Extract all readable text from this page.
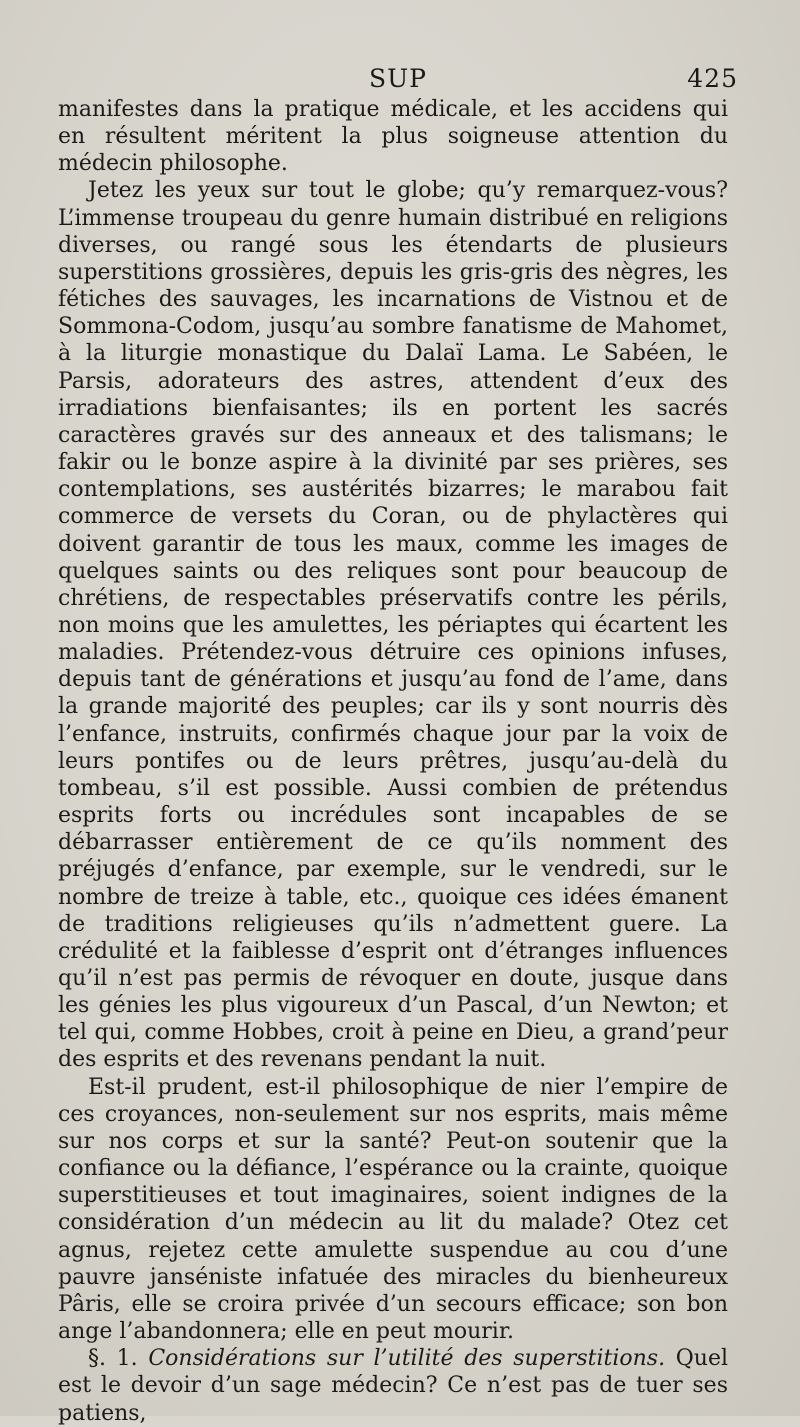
SUP	425

manifestes dans la pratique médicale, et les accidens qui en résultent méritent la plus soigneuse attention du médecin philosophe.

Jetez les yeux sur tout le globe; qu’y remarquez-vous? L’immense troupeau du genre humain distribué en religions diverses, ou rangé sous les étendarts de plusieurs superstitions grossières, depuis les gris-gris des nègres, les fétiches des sauvages, les incarnations de Vistnou et de Sommona-Codom, jusqu’au sombre fanatisme de Mahomet, à la liturgie monastique du Dalaï Lama. Le Sabéen, le Parsis, adorateurs des astres, attendent d’eux des irradiations bienfaisantes; ils en portent les sacrés caractères gravés sur des anneaux et des talismans; le fakir ou le bonze aspire à la divinité par ses prières, ses contemplations, ses austérités bizarres; le marabou fait commerce de versets du Coran, ou de phylactères qui doivent garantir de tous les maux, comme les images de quelques saints ou des reliques sont pour beaucoup de chrétiens, de respectables préservatifs contre les périls, non moins que les amulettes, les périaptes qui écartent les maladies. Prétendez-vous détruire ces opinions infuses, depuis tant de générations et jusqu’au fond de l’ame, dans la grande majorité des peuples; car ils y sont nourris dès l’enfance, instruits, confirmés chaque jour par la voix de leurs pontifes ou de leurs prêtres, jusqu’au-delà du tombeau, s’il est possible. Aussi combien de prétendus esprits forts ou incrédules sont incapables de se débarrasser entièrement de ce qu’ils nomment des préjugés d’enfance, par exemple, sur le vendredi, sur le nombre de treize à table, etc., quoique ces idées émanent de traditions religieuses qu’ils n’admettent guere. La crédulité et la faiblesse d’esprit ont d’étranges influences qu’il n’est pas permis de révoquer en doute, jusque dans les génies les plus vigoureux d’un Pascal, d’un Newton; et tel qui, comme Hobbes, croit à peine en Dieu, a grand’peur des esprits et des revenans pendant la nuit.

Est-il prudent, est-il philosophique de nier l’empire de ces croyances, non-seulement sur nos esprits, mais même sur nos corps et sur la santé? Peut-on soutenir que la confiance ou la défiance, l’espérance ou la crainte, quoique superstitieuses et tout imaginaires, soient indignes de la considération d’un médecin au lit du malade? Otez cet agnus, rejetez cette amulette suspendue au cou d’une pauvre janséniste infatuée des miracles du bienheureux Pâris, elle se croira privée d’un secours efficace; son bon ange l’abandonnera; elle en peut mourir.

§. 1. Considérations sur l’utilité des superstitions. Quel est le devoir d’un sage médecin? Ce n’est pas de tuer ses patiens,
